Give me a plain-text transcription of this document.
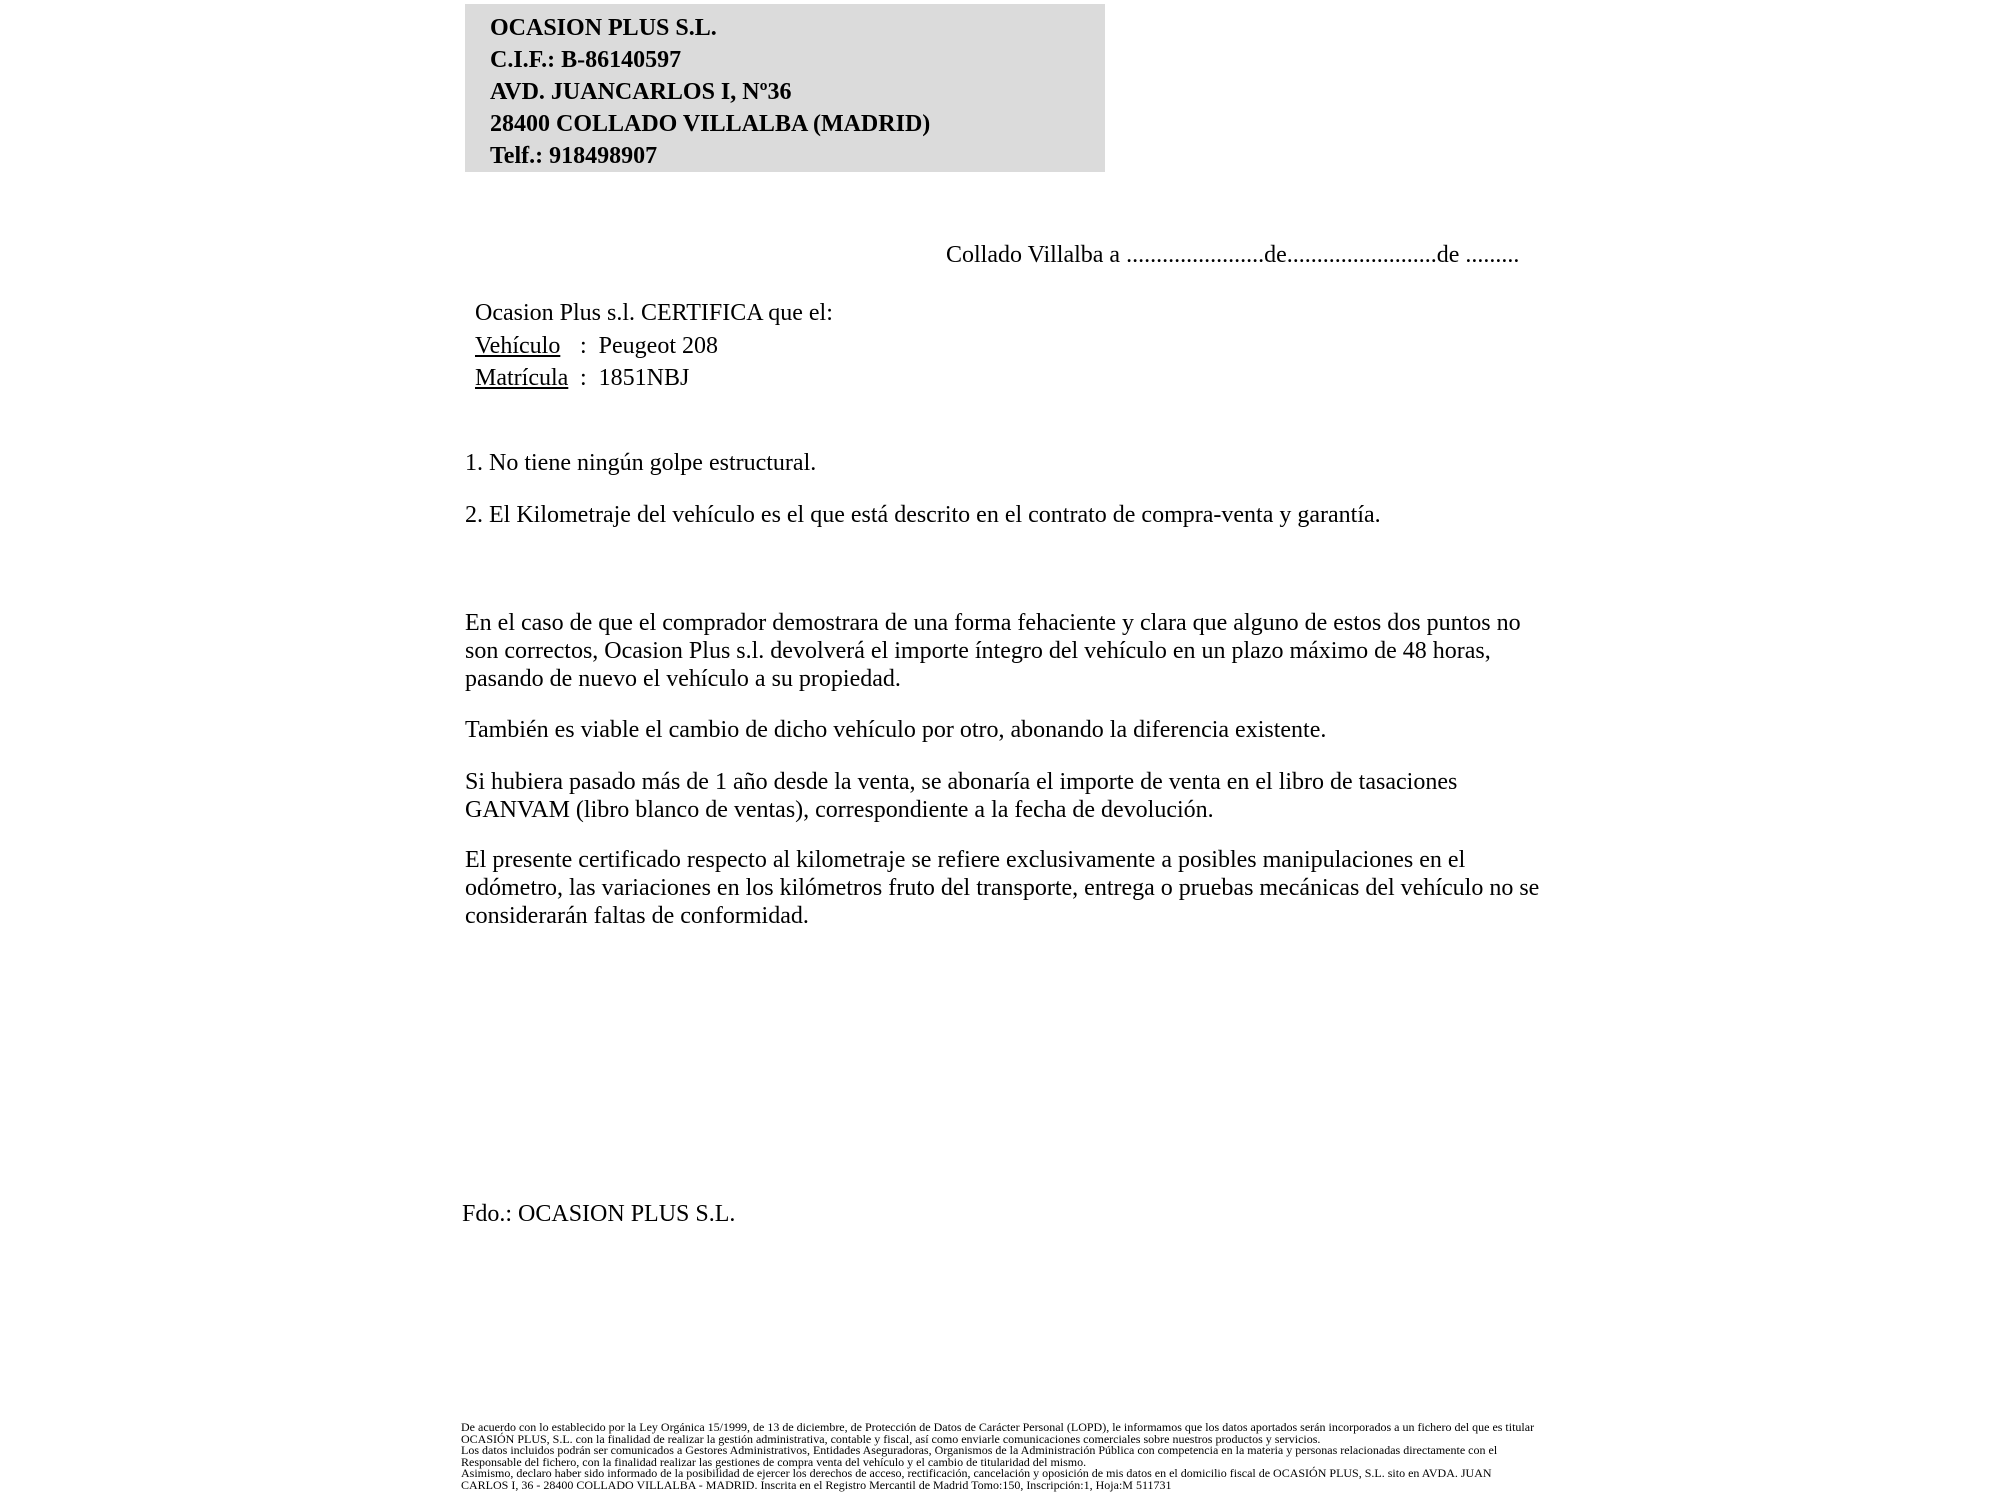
OCASION PLUS S.L.
C.I.F.: B-86140597
AVD. JUANCARLOS I, Nº36
28400 COLLADO VILLALBA (MADRID)
Telf.: 918498907
Collado Villalba a .......................de.........................de .........
Ocasion Plus s.l. CERTIFICA que el:
Vehículo : Peugeot 208
Matrícula : 1851NBJ
1. No tiene ningún golpe estructural.
2. El Kilometraje del vehículo es el que está descrito en el contrato de compra-venta y garantía.
En el caso de que el comprador demostrara de una forma fehaciente y clara que alguno de estos dos puntos no son correctos, Ocasion Plus s.l. devolverá el importe íntegro del vehículo en un plazo máximo de 48 horas, pasando de nuevo el vehículo a su propiedad.
También es viable el cambio de dicho vehículo por otro, abonando la diferencia existente.
Si hubiera pasado más de 1 año desde la venta, se abonaría el importe de venta en el libro de tasaciones GANVAM (libro blanco de ventas), correspondiente a la fecha de devolución.
El presente certificado respecto al kilometraje se refiere exclusivamente a posibles manipulaciones en el odómetro, las variaciones en los kilómetros fruto del transporte, entrega o pruebas mecánicas del vehículo no se considerarán faltas de conformidad.
Fdo.: OCASION PLUS S.L.
De acuerdo con lo establecido por la Ley Orgánica 15/1999, de 13 de diciembre, de Protección de Datos de Carácter Personal (LOPD), le informamos que los datos aportados serán incorporados a un fichero del que es titular
OCASIÓN PLUS, S.L. con la finalidad de realizar la gestión administrativa, contable y fiscal, así como enviarle comunicaciones comerciales sobre nuestros productos y servicios.
Los datos incluidos podrán ser comunicados a Gestores Administrativos, Entidades Aseguradoras, Organismos de la Administración Pública con competencia en la materia y personas relacionadas directamente con el
Responsable del fichero, con la finalidad realizar las gestiones de compra venta del vehículo y el cambio de titularidad del mismo.
Asimismo, declaro haber sido informado de la posibilidad de ejercer los derechos de acceso, rectificación, cancelación y oposición de mis datos en el domicilio fiscal de OCASIÓN PLUS, S.L. sito en AVDA. JUAN
CARLOS I, 36 - 28400 COLLADO VILLALBA - MADRID. Inscrita en el Registro Mercantil de Madrid Tomo:150, Inscripción:1, Hoja:M 511731
